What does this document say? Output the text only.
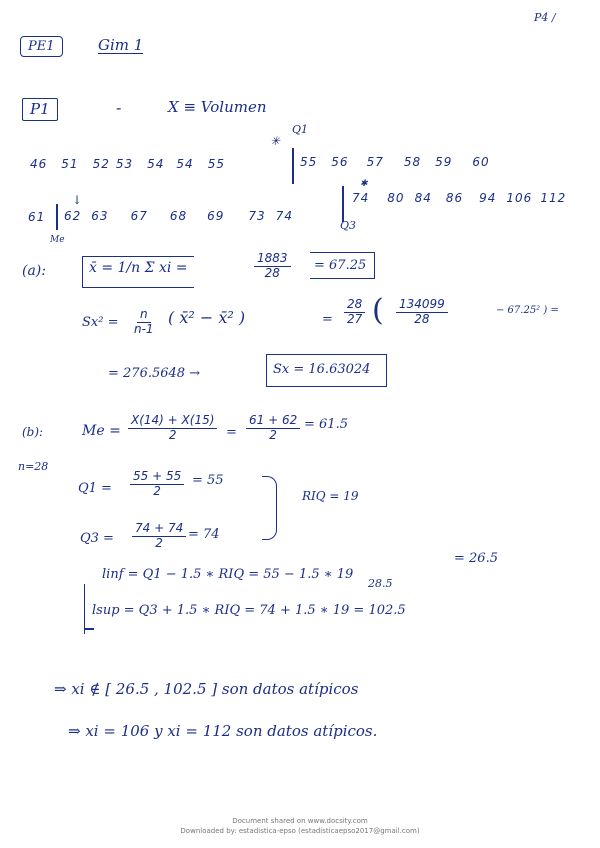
P4 /
PE1	Gim 1
P1	-	X ≡ Volumen
Q1
✳
46 51 52 53 54 54 55	55 56 57 58 59 60
↓
61	62 63 67 68 69 73 74
✱
74 80 84 86 94 106 112
Me
Q3
(a):	x̄ = 1/n Σ xi =	$\frac{1883}{28}$	= 67.25
$Sx^2 = \frac{n}{n-1}$ ( x̄² − x̄² )	= $\frac{28}{27}$ ( $\frac{134099}{28}$	− 67.25² ) =
= 276.5648 →	Sx = 16.63024
(b):
n=28
$Me = \frac{X(14) + X(15)}{2} = \frac{61 + 62}{2} = 61.5$
$Q1 = \frac{55 + 55}{2} = 55$
$Q3 = \frac{74 + 74}{2} = 74$
RIQ = 19
linf = Q1 − 1.5 ∗ RIQ = 55 − 1.5 ∗ 19
= 26.5
28.5
lsup = Q3 + 1.5 ∗ RIQ = 74 + 1.5 ∗ 19 = 102.5
⇒ xi ∉ [ 26.5 , 102.5 ] son datos atípicos
⇒ xi = 106 y xi = 112 son datos atípicos.
Document shared on www.docsity.com
Downloaded by: estadistica-epso (estadisticaepso2017@gmail.com)
